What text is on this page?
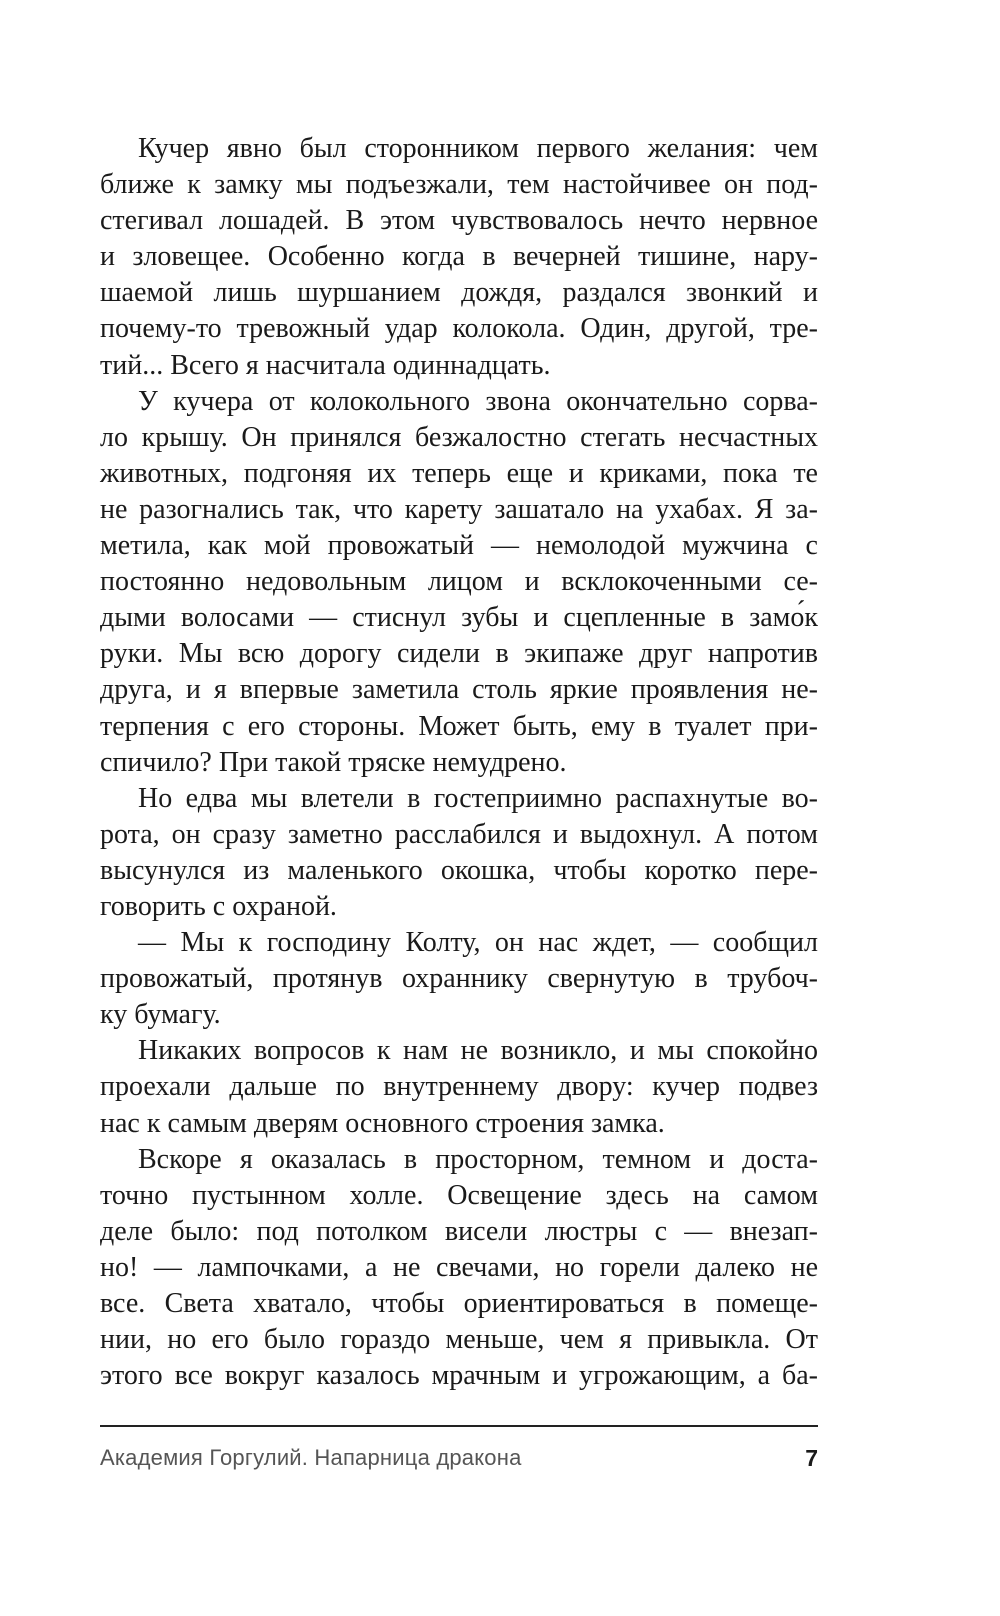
Кучер явно был сторонником первого желания: чем
ближе к замку мы подъезжали, тем настойчивее он под-
стегивал лошадей. В этом чувствовалось нечто нервное
и зловещее. Особенно когда в вечерней тишине, нару-
шаемой лишь шуршанием дождя, раздался звонкий и
почему-то тревожный удар колокола. Один, другой, тре-
тий... Всего я насчитала одиннадцать.
У кучера от колокольного звона окончательно сорва-
ло крышу. Он принялся безжалостно стегать несчастных
животных, подгоняя их теперь еще и криками, пока те
не разогнались так, что карету зашатало на ухабах. Я за-
метила, как мой провожатый — немолодой мужчина с
постоянно недовольным лицом и всклокоченными се-
дыми волосами — стиснул зубы и сцепленные в замо́к
руки. Мы всю дорогу сидели в экипаже друг напротив
друга, и я впервые заметила столь яркие проявления не-
терпения с его стороны. Может быть, ему в туалет при-
спичило? При такой тряске немудрено.
Но едва мы влетели в гостеприимно распахнутые во-
рота, он сразу заметно расслабился и выдохнул. А потом
высунулся из маленького окошка, чтобы коротко пере-
говорить с охраной.
— Мы к господину Колту, он нас ждет, — сообщил
провожатый, протянув охраннику свернутую в трубоч-
ку бумагу.
Никаких вопросов к нам не возникло, и мы спокойно
проехали дальше по внутреннему двору: кучер подвез
нас к самым дверям основного строения замка.
Вскоре я оказалась в просторном, темном и доста-
точно пустынном холле. Освещение здесь на самом
деле было: под потолком висели люстры с — внезап-
но! — лампочками, а не свечами, но горели далеко не
все. Света хватало, чтобы ориентироваться в помеще-
нии, но его было гораздо меньше, чем я привыкла. От
этого все вокруг казалось мрачным и угрожающим, а ба-
Академия Горгулий. Напарница дракона	7
